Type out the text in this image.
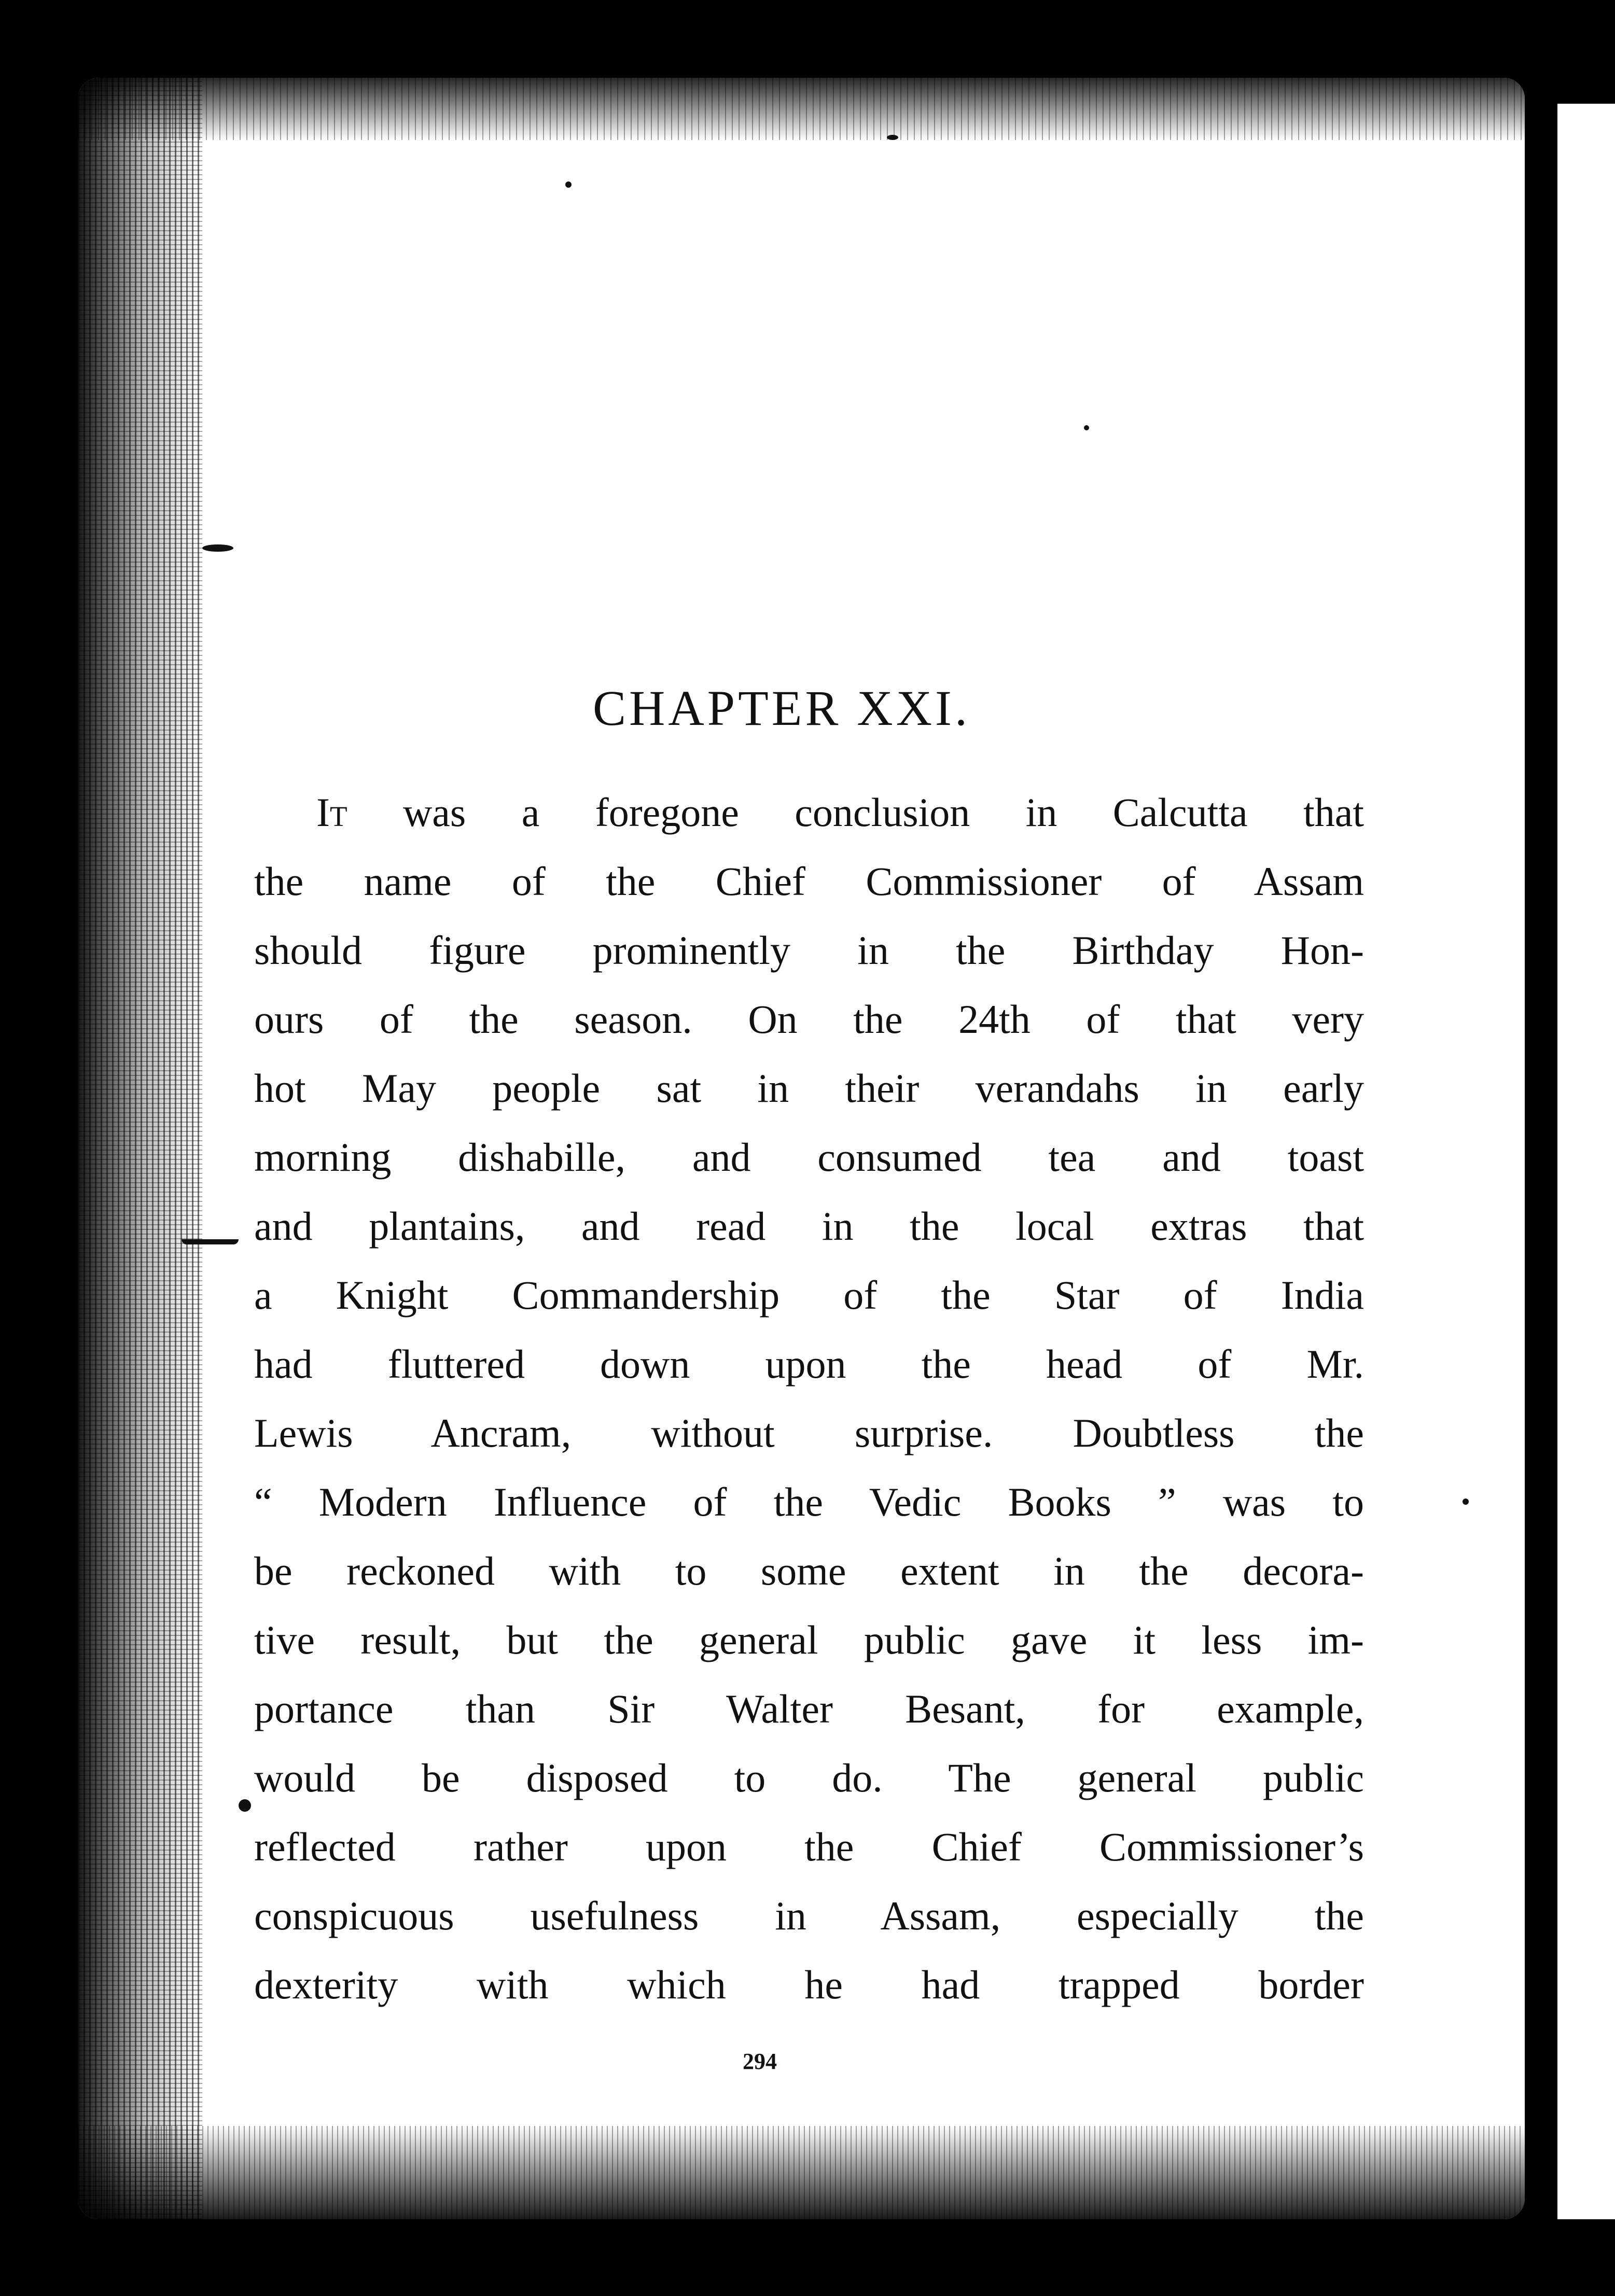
CHAPTER XXI.
294
It was a foregone conclusion in Calcutta that
the name of the Chief Commissioner of Assam
should figure prominently in the Birthday Hon-
ours of the season. On the 24th of that very
hot May people sat in their verandahs in early
morning dishabille, and consumed tea and toast
and plantains, and read in the local extras that
a Knight Commandership of the Star of India
had fluttered down upon the head of Mr.
Lewis Ancram, without surprise. Doubtless the
“ Modern Influence of the Vedic Books ” was to
be reckoned with to some extent in the decora-
tive result, but the general public gave it less im-
portance than Sir Walter Besant, for example,
would be disposed to do. The general public
reflected rather upon the Chief Commissioner’s
conspicuous usefulness in Assam, especially the
dexterity with which he had trapped border
